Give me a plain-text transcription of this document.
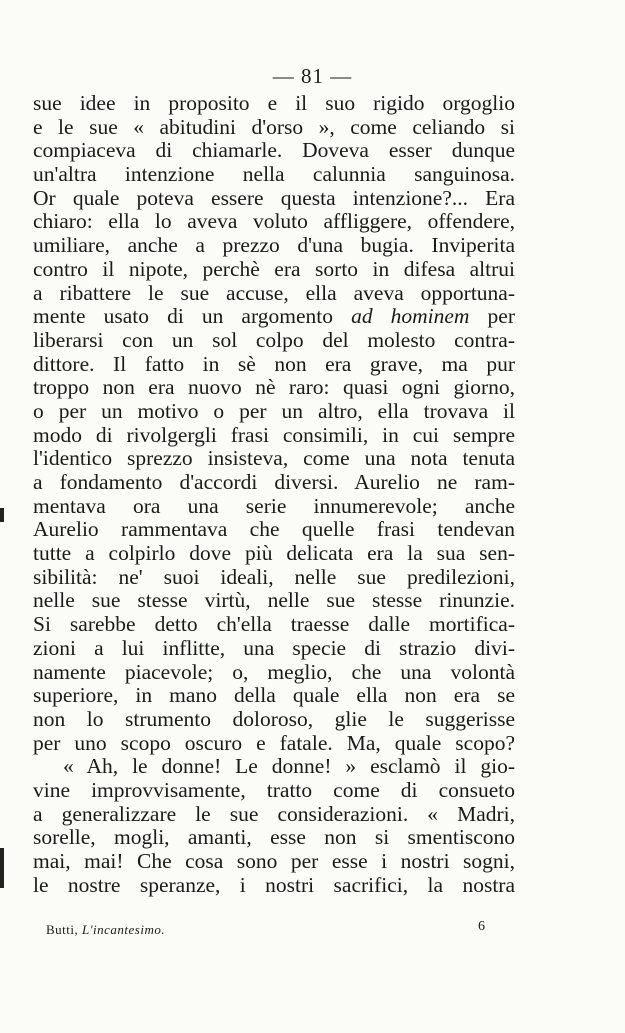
— 81 —
sue idee in proposito e il suo rigido orgoglio
e le sue « abitudini d'orso », come celiando si
compiaceva di chiamarle. Doveva esser dunque
un'altra intenzione nella calunnia sanguinosa.
Or quale poteva essere questa intenzione?... Era
chiaro: ella lo aveva voluto affliggere, offendere,
umiliare, anche a prezzo d'una bugia. Inviperita
contro il nipote, perchè era sorto in difesa altrui
a ribattere le sue accuse, ella aveva opportuna-
mente usato di un argomento ad hominem per
liberarsi con un sol colpo del molesto contra-
dittore. Il fatto in sè non era grave, ma pur
troppo non era nuovo nè raro: quasi ogni giorno,
o per un motivo o per un altro, ella trovava il
modo di rivolgergli frasi consimili, in cui sempre
l'identico sprezzo insisteva, come una nota tenuta
a fondamento d'accordi diversi. Aurelio ne ram-
mentava ora una serie innumerevole; anche
Aurelio rammentava che quelle frasi tendevan
tutte a colpirlo dove più delicata era la sua sen-
sibilità: ne' suoi ideali, nelle sue predilezioni,
nelle sue stesse virtù, nelle sue stesse rinunzie.
Si sarebbe detto ch'ella traesse dalle mortifica-
zioni a lui inflitte, una specie di strazio divi-
namente piacevole; o, meglio, che una volontà
superiore, in mano della quale ella non era se
non lo strumento doloroso, glie le suggerisse
per uno scopo oscuro e fatale. Ma, quale scopo?
« Ah, le donne! Le donne! » esclamò il gio-
vine improvvisamente, tratto come di consueto
a generalizzare le sue considerazioni. « Madri,
sorelle, mogli, amanti, esse non si smentiscono
mai, mai! Che cosa sono per esse i nostri sogni,
le nostre speranze, i nostri sacrifici, la nostra
Butti, L'incantesimo.	6
